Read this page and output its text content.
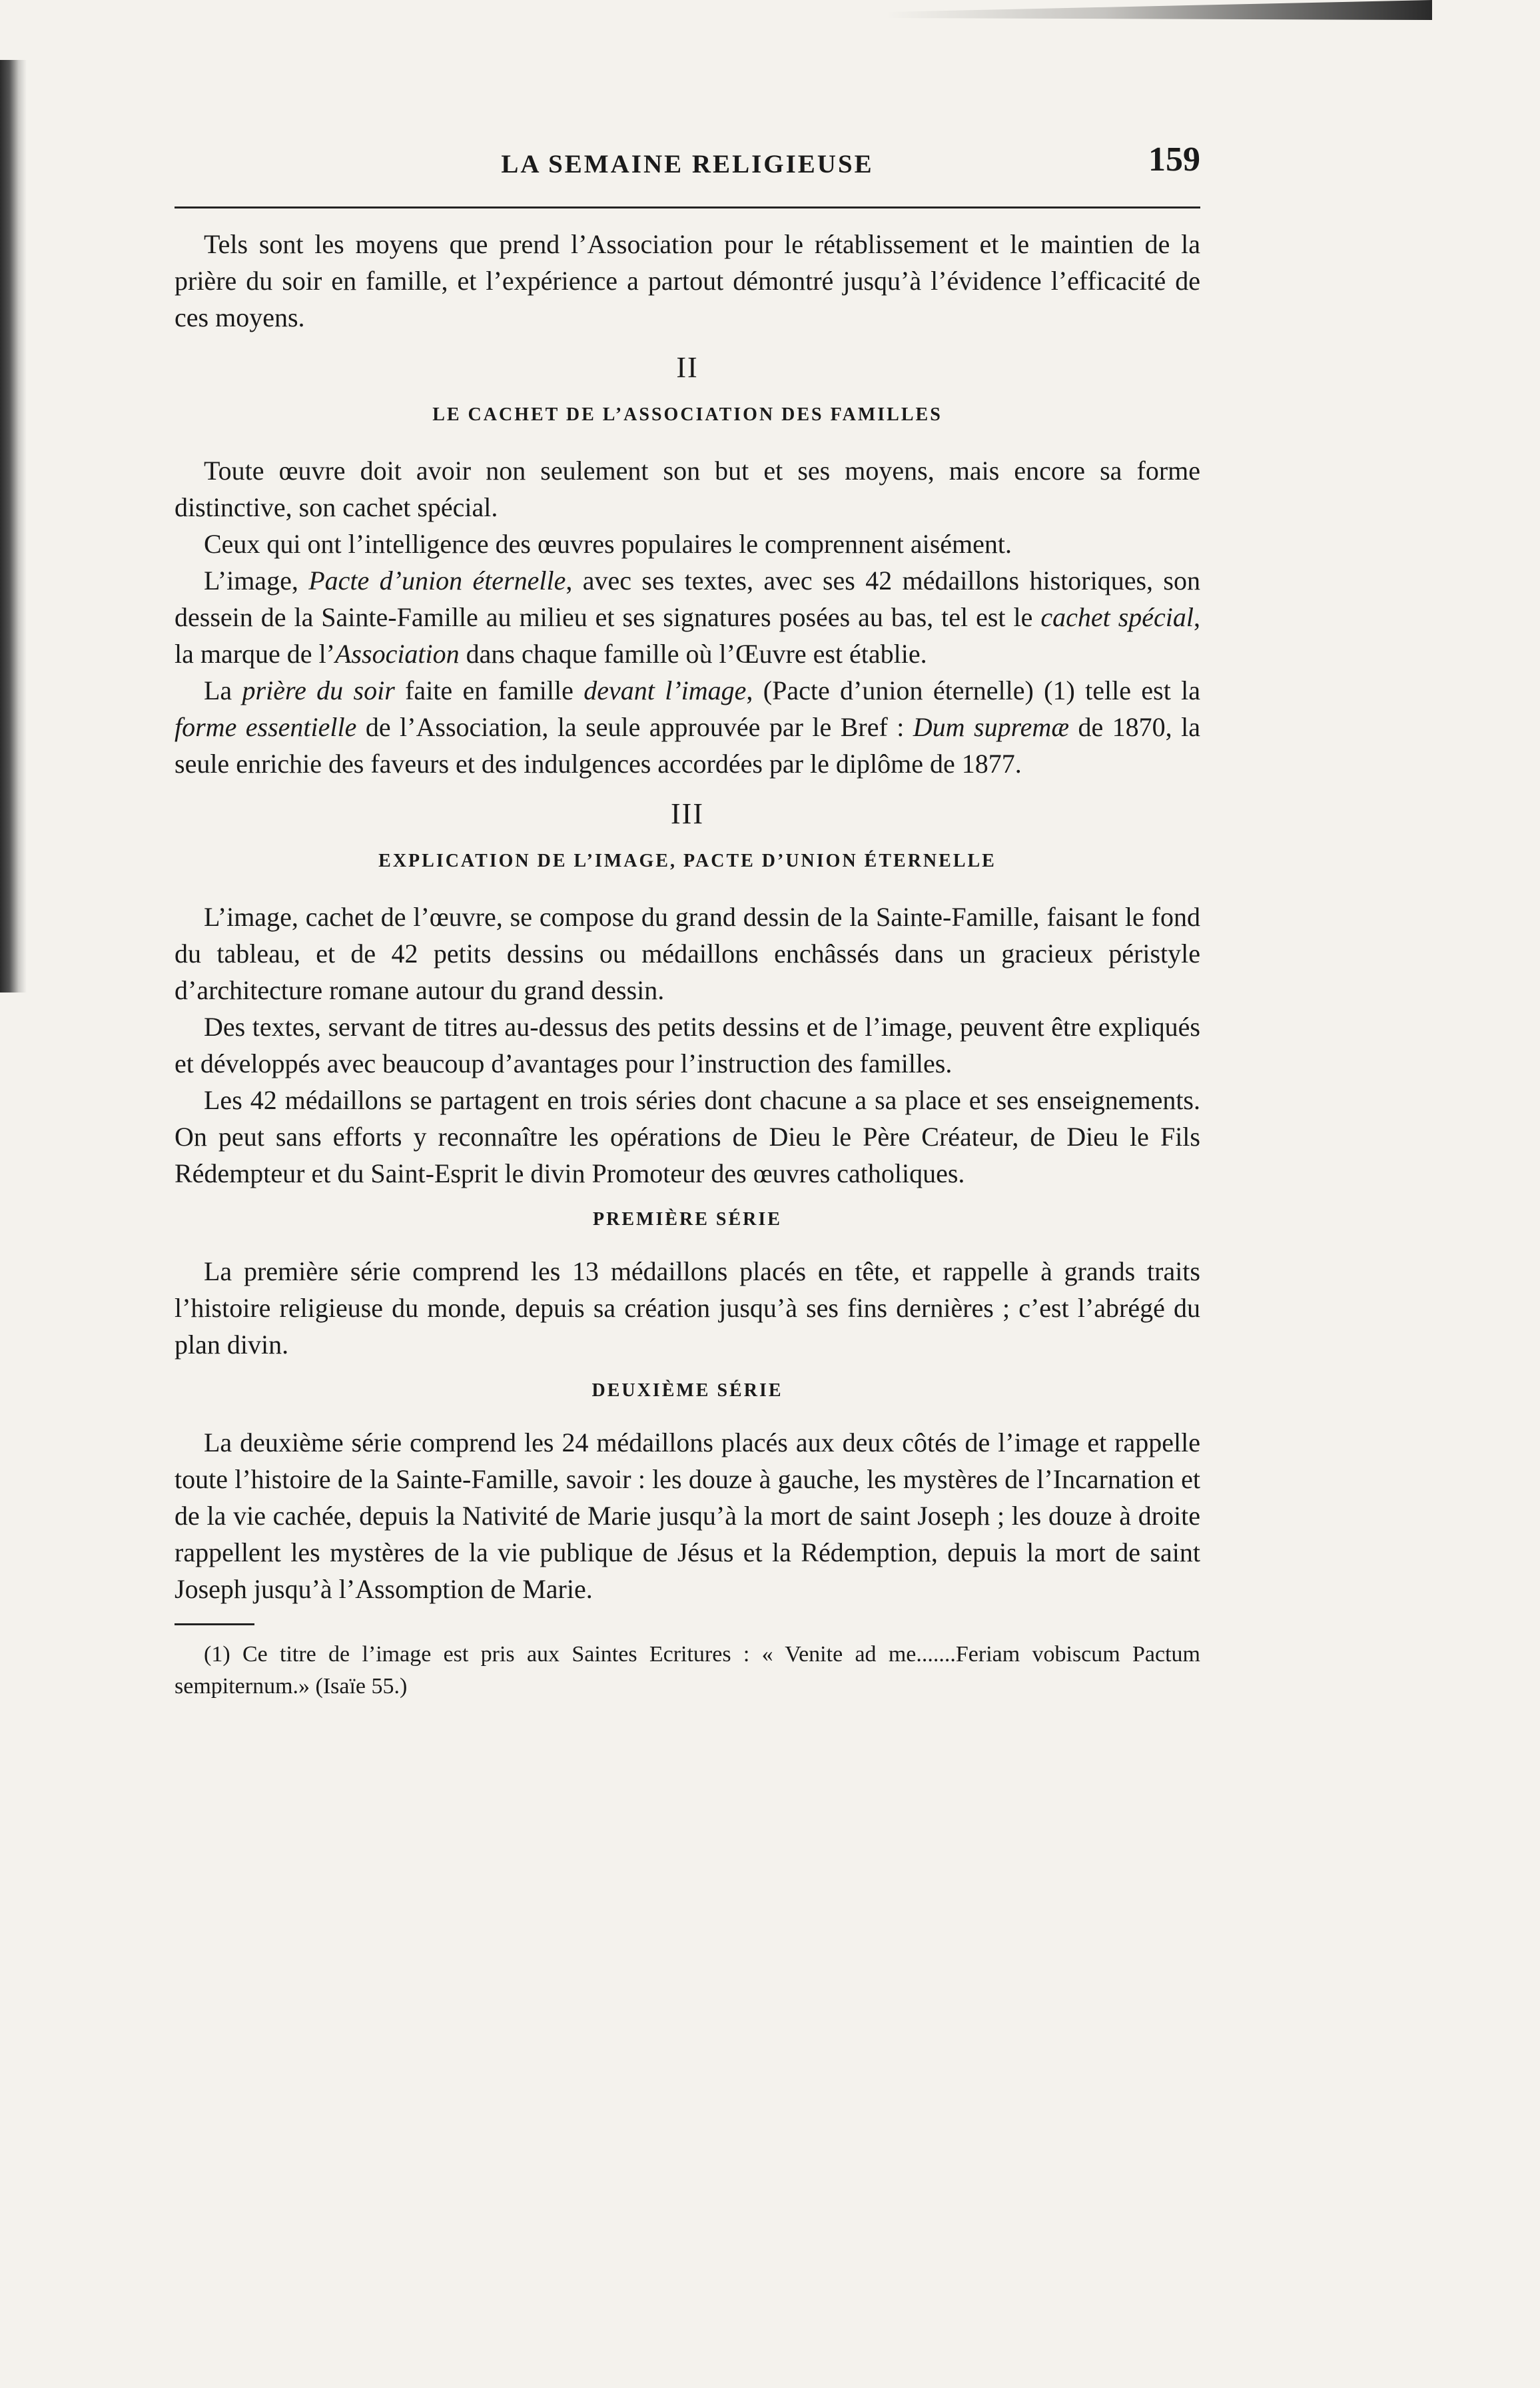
LA SEMAINE RELIGIEUSE	159

Tels sont les moyens que prend l’Association pour le rétablissement et le maintien de la prière du soir en famille, et l’expérience a partout démontré jusqu’à l’évidence l’efficacité de ces moyens.

II
LE CACHET DE L’ASSOCIATION DES FAMILLES

Toute œuvre doit avoir non seulement son but et ses moyens, mais encore sa forme distinctive, son cachet spécial.

Ceux qui ont l’intelligence des œuvres populaires le comprennent aisément.

L’image, Pacte d’union éternelle, avec ses textes, avec ses 42 médaillons historiques, son dessein de la Sainte-Famille au milieu et ses signatures posées au bas, tel est le cachet spécial, la marque de l’Association dans chaque famille où l’Œuvre est établie.

La prière du soir faite en famille devant l’image, (Pacte d’union éternelle) (1) telle est la forme essentielle de l’Association, la seule approuvée par le Bref : Dum supremæ de 1870, la seule enrichie des faveurs et des indulgences accordées par le diplôme de 1877.

III
EXPLICATION DE L’IMAGE, PACTE D’UNION ÉTERNELLE

L’image, cachet de l’œuvre, se compose du grand dessin de la Sainte-Famille, faisant le fond du tableau, et de 42 petits dessins ou médaillons enchâssés dans un gracieux péristyle d’architecture romane autour du grand dessin.

Des textes, servant de titres au-dessus des petits dessins et de l’image, peuvent être expliqués et développés avec beaucoup d’avantages pour l’instruction des familles.

Les 42 médaillons se partagent en trois séries dont chacune a sa place et ses enseignements. On peut sans efforts y reconnaître les opérations de Dieu le Père Créateur, de Dieu le Fils Rédempteur et du Saint-Esprit le divin Promoteur des œuvres catholiques.

PREMIÈRE SÉRIE

La première série comprend les 13 médaillons placés en tête, et rappelle à grands traits l’histoire religieuse du monde, depuis sa création jusqu’à ses fins dernières ; c’est l’abrégé du plan divin.

DEUXIÈME SÉRIE

La deuxième série comprend les 24 médaillons placés aux deux côtés de l’image et rappelle toute l’histoire de la Sainte-Famille, savoir : les douze à gauche, les mystères de l’Incarnation et de la vie cachée, depuis la Nativité de Marie jusqu’à la mort de saint Joseph ; les douze à droite rappellent les mystères de la vie publique de Jésus et la Rédemption, depuis la mort de saint Joseph jusqu’à l’Assomption de Marie.

(1) Ce titre de l’image est pris aux Saintes Ecritures : « Venite ad me.......Feriam vobiscum Pactum sempiternum.» (Isaïe 55.)
